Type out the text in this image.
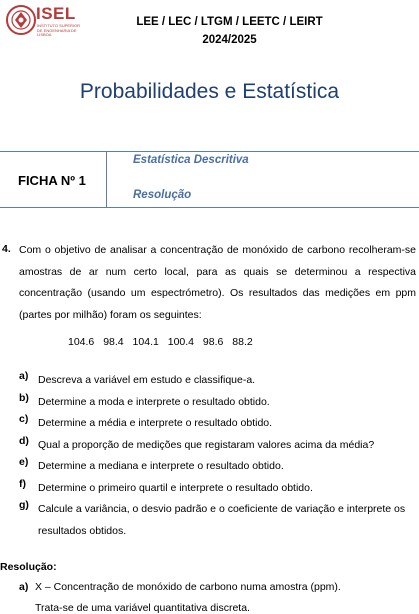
ISEL
INSTITUTO SUPERIOR DE ENGENHARIA DE LISBOA
LEE / LEC / LTGM / LEETC / LEIRT
2024/2025
Probabilidades e Estatística
FICHA Nº 1
Estatística Descritiva
Resolução
4. Com o objetivo de analisar a concentração de monóxido de carbono recolheram-se amostras de ar num certo local, para as quais se determinou a respectiva concentração (usando um espectrómetro). Os resultados das medições em ppm (partes por milhão) foram os seguintes:
104.6 98.4 104.1 100.4 98.6 88.2
a) Descreva a variável em estudo e classifique-a.
b) Determine a moda e interprete o resultado obtido.
c) Determine a média e interprete o resultado obtido.
d) Qual a proporção de medições que registaram valores acima da média?
e) Determine a mediana e interprete o resultado obtido.
f) Determine o primeiro quartil e interprete o resultado obtido.
g) Calcule a variância, o desvio padrão e o coeficiente de variação e interprete os resultados obtidos.
Resolução:
a) X – Concentração de monóxido de carbono numa amostra (ppm).
Trata-se de uma variável quantitativa discreta.
